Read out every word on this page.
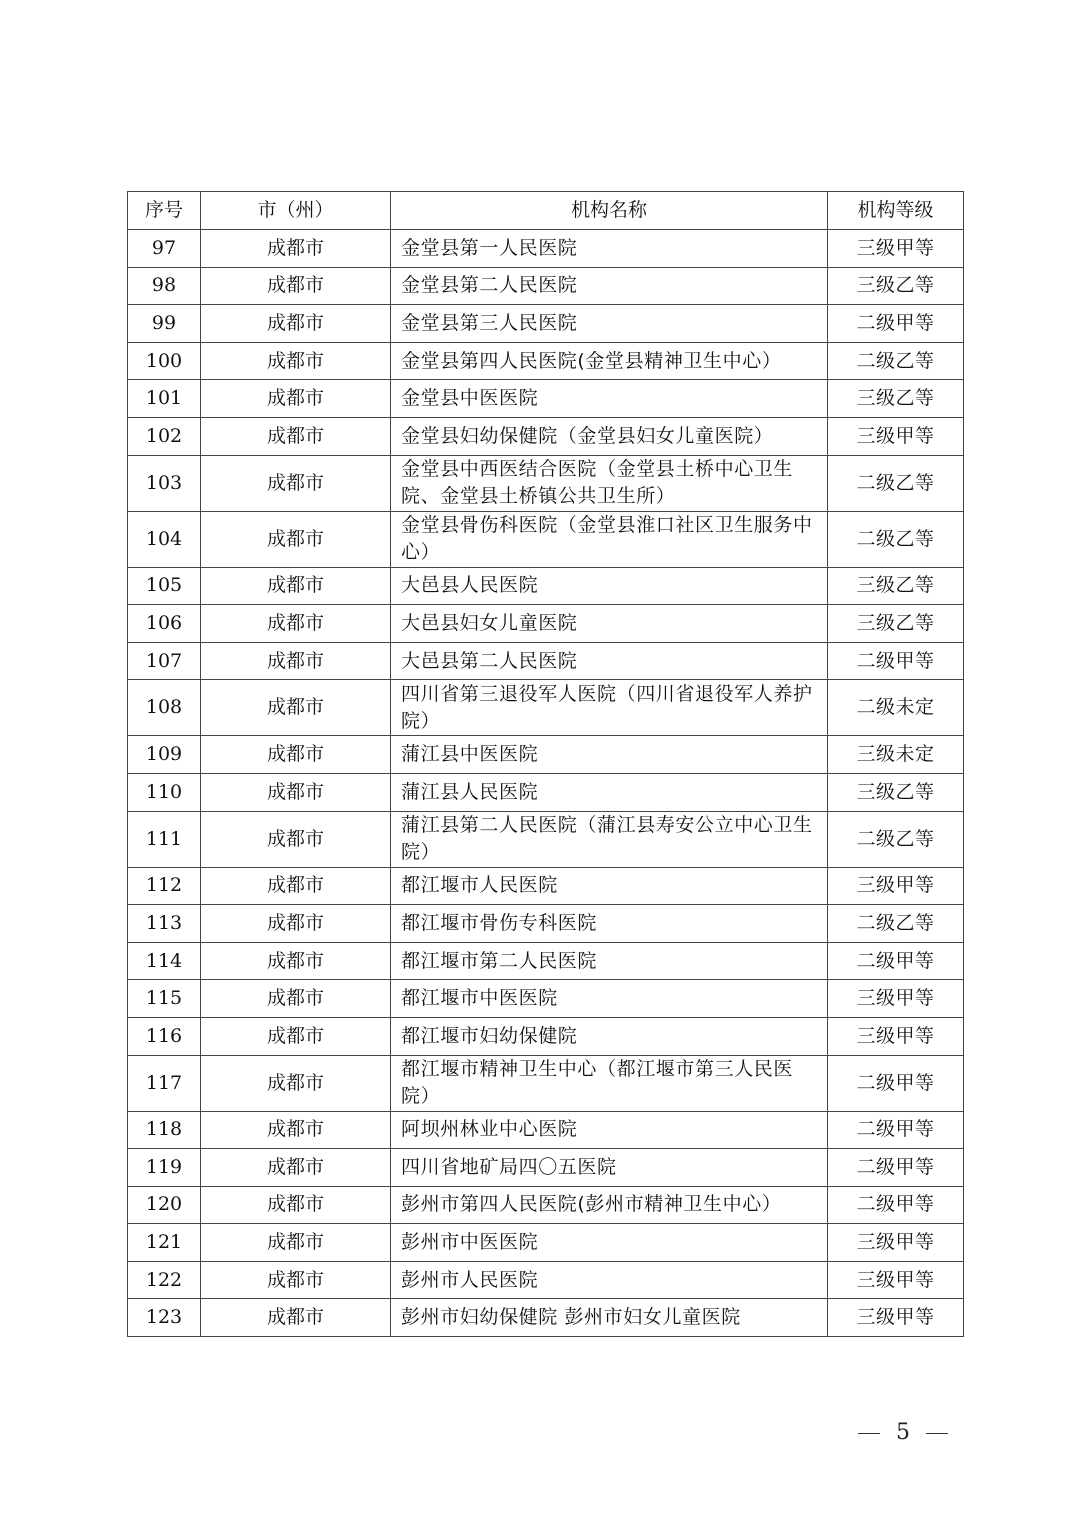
序号	市（州）	机构名称	机构等级
97	成都市	金堂县第一人民医院	三级甲等
98	成都市	金堂县第二人民医院	三级乙等
99	成都市	金堂县第三人民医院	二级甲等
100	成都市	金堂县第四人民医院(金堂县精神卫生中心）	二级乙等
101	成都市	金堂县中医医院	三级乙等
102	成都市	金堂县妇幼保健院（金堂县妇女儿童医院）	三级甲等
103	成都市	金堂县中西医结合医院（金堂县土桥中心卫生院、金堂县土桥镇公共卫生所）	二级乙等
104	成都市	金堂县骨伤科医院（金堂县淮口社区卫生服务中心）	二级乙等
105	成都市	大邑县人民医院	三级乙等
106	成都市	大邑县妇女儿童医院	三级乙等
107	成都市	大邑县第二人民医院	二级甲等
108	成都市	四川省第三退役军人医院（四川省退役军人养护院）	二级未定
109	成都市	蒲江县中医医院	三级未定
110	成都市	蒲江县人民医院	三级乙等
111	成都市	蒲江县第二人民医院（蒲江县寿安公立中心卫生院）	二级乙等
112	成都市	都江堰市人民医院	三级甲等
113	成都市	都江堰市骨伤专科医院	二级乙等
114	成都市	都江堰市第二人民医院	二级甲等
115	成都市	都江堰市中医医院	三级甲等
116	成都市	都江堰市妇幼保健院	三级甲等
117	成都市	都江堰市精神卫生中心（都江堰市第三人民医院）	二级甲等
118	成都市	阿坝州林业中心医院	二级甲等
119	成都市	四川省地矿局四〇五医院	二级甲等
120	成都市	彭州市第四人民医院(彭州市精神卫生中心）	二级甲等
121	成都市	彭州市中医医院	三级甲等
122	成都市	彭州市人民医院	三级甲等
123	成都市	彭州市妇幼保健院 彭州市妇女儿童医院	三级甲等
5
